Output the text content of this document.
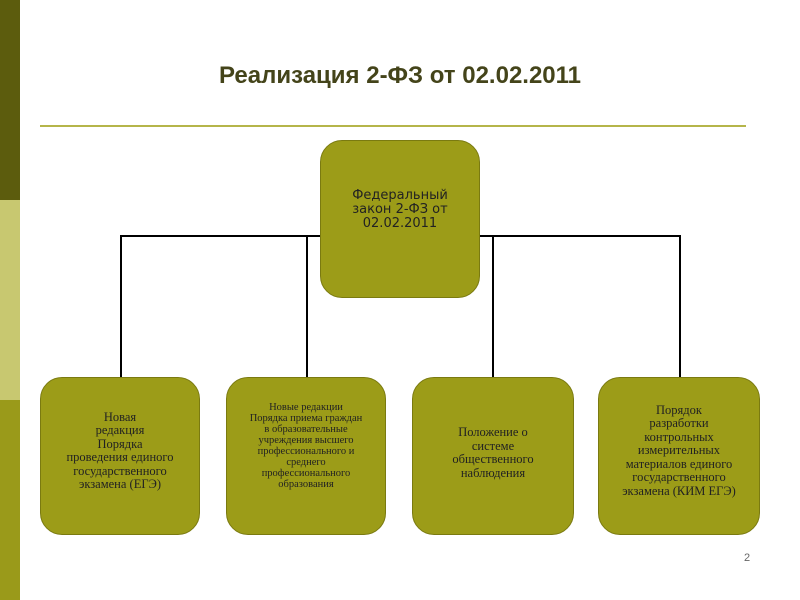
Реализация 2-ФЗ от 02.02.2011
Федеральный
закон 2-ФЗ от
02.02.2011
Новая
редакция
Порядка
проведения единого
государственного
экзамена (ЕГЭ)
Новые редакции
Порядка приема граждан
в образовательные
учреждения высшего
профессионального и
среднего
профессионального
образования
Положение о
системе
общественного
наблюдения
Порядок
разработки
контрольных
измерительных
материалов единого
государственного
экзамена (КИМ ЕГЭ)
2
